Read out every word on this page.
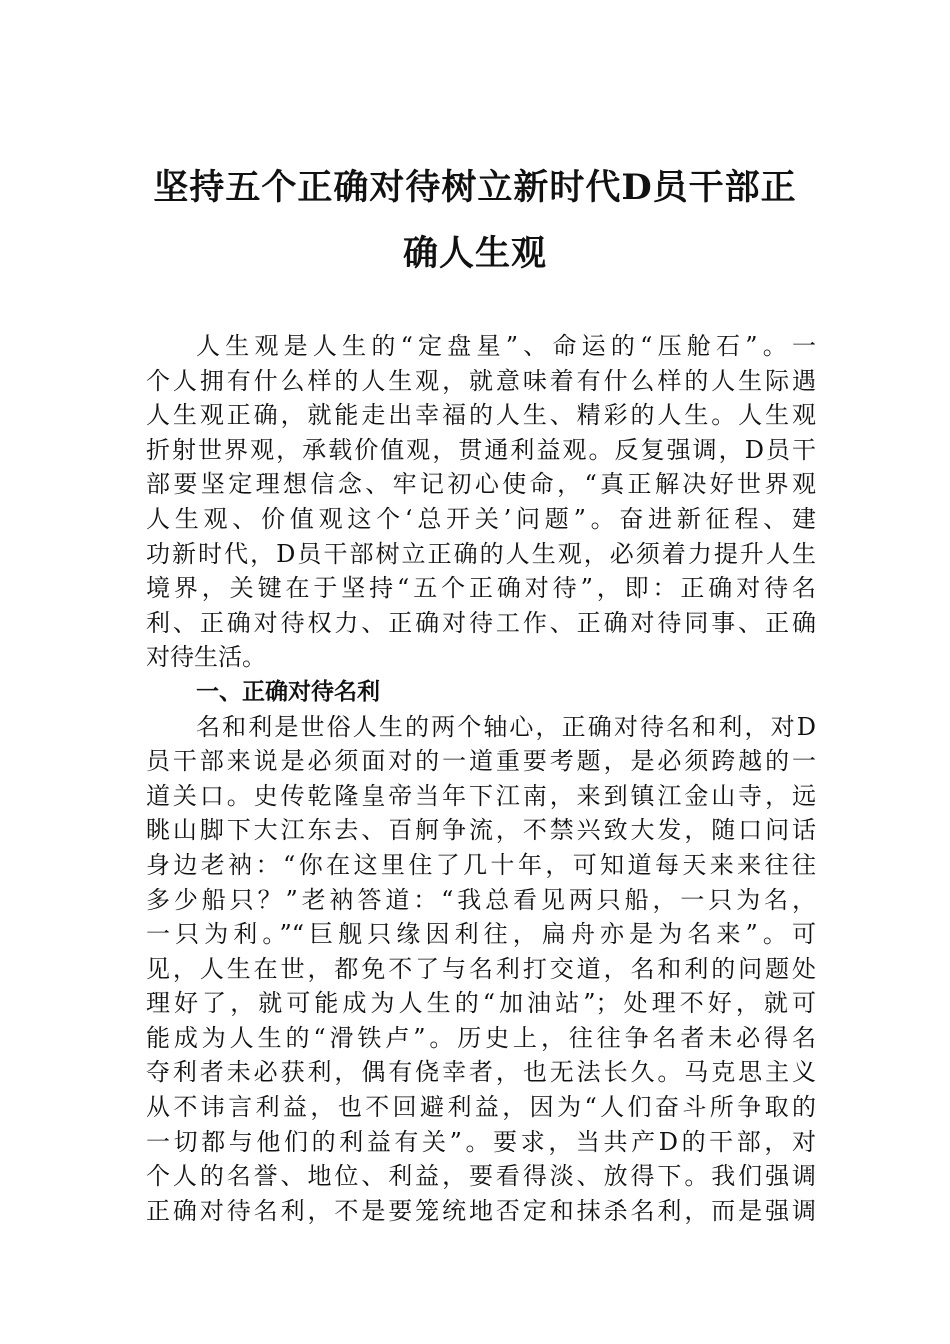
坚持五个正确对待树立新时代D员干部正
确人生观
人生观是人生的“定盘星”、命运的“压舱石”。一
个人拥有什么样的人生观，就意味着有什么样的人生际遇
人生观正确，就能走出幸福的人生、精彩的人生。人生观
折射世界观，承载价值观，贯通利益观。反复强调，D员干
部要坚定理想信念、牢记初心使命，“真正解决好世界观
人生观、价值观这个‘总开关’问题”。奋进新征程、建
功新时代，D员干部树立正确的人生观，必须着力提升人生
境界，关键在于坚持“五个正确对待”，即：正确对待名
利、正确对待权力、正确对待工作、正确对待同事、正确
对待生活。
一、正确对待名利
名和利是世俗人生的两个轴心，正确对待名和利，对D
员干部来说是必须面对的一道重要考题，是必须跨越的一
道关口。史传乾隆皇帝当年下江南，来到镇江金山寺，远
眺山脚下大江东去、百舸争流，不禁兴致大发，随口问话
身边老衲：“你在这里住了几十年，可知道每天来来往往
多少船只？”老衲答道：“我总看见两只船，一只为名，
一只为利。”“巨舰只缘因利往，扁舟亦是为名来”。可
见，人生在世，都免不了与名利打交道，名和利的问题处
理好了，就可能成为人生的“加油站”；处理不好，就可
能成为人生的“滑铁卢”。历史上，往往争名者未必得名
夺利者未必获利，偶有侥幸者，也无法长久。马克思主义
从不讳言利益，也不回避利益，因为“人们奋斗所争取的
一切都与他们的利益有关”。要求，当共产D的干部，对
个人的名誉、地位、利益，要看得淡、放得下。我们强调
正确对待名利，不是要笼统地否定和抹杀名利，而是强调
